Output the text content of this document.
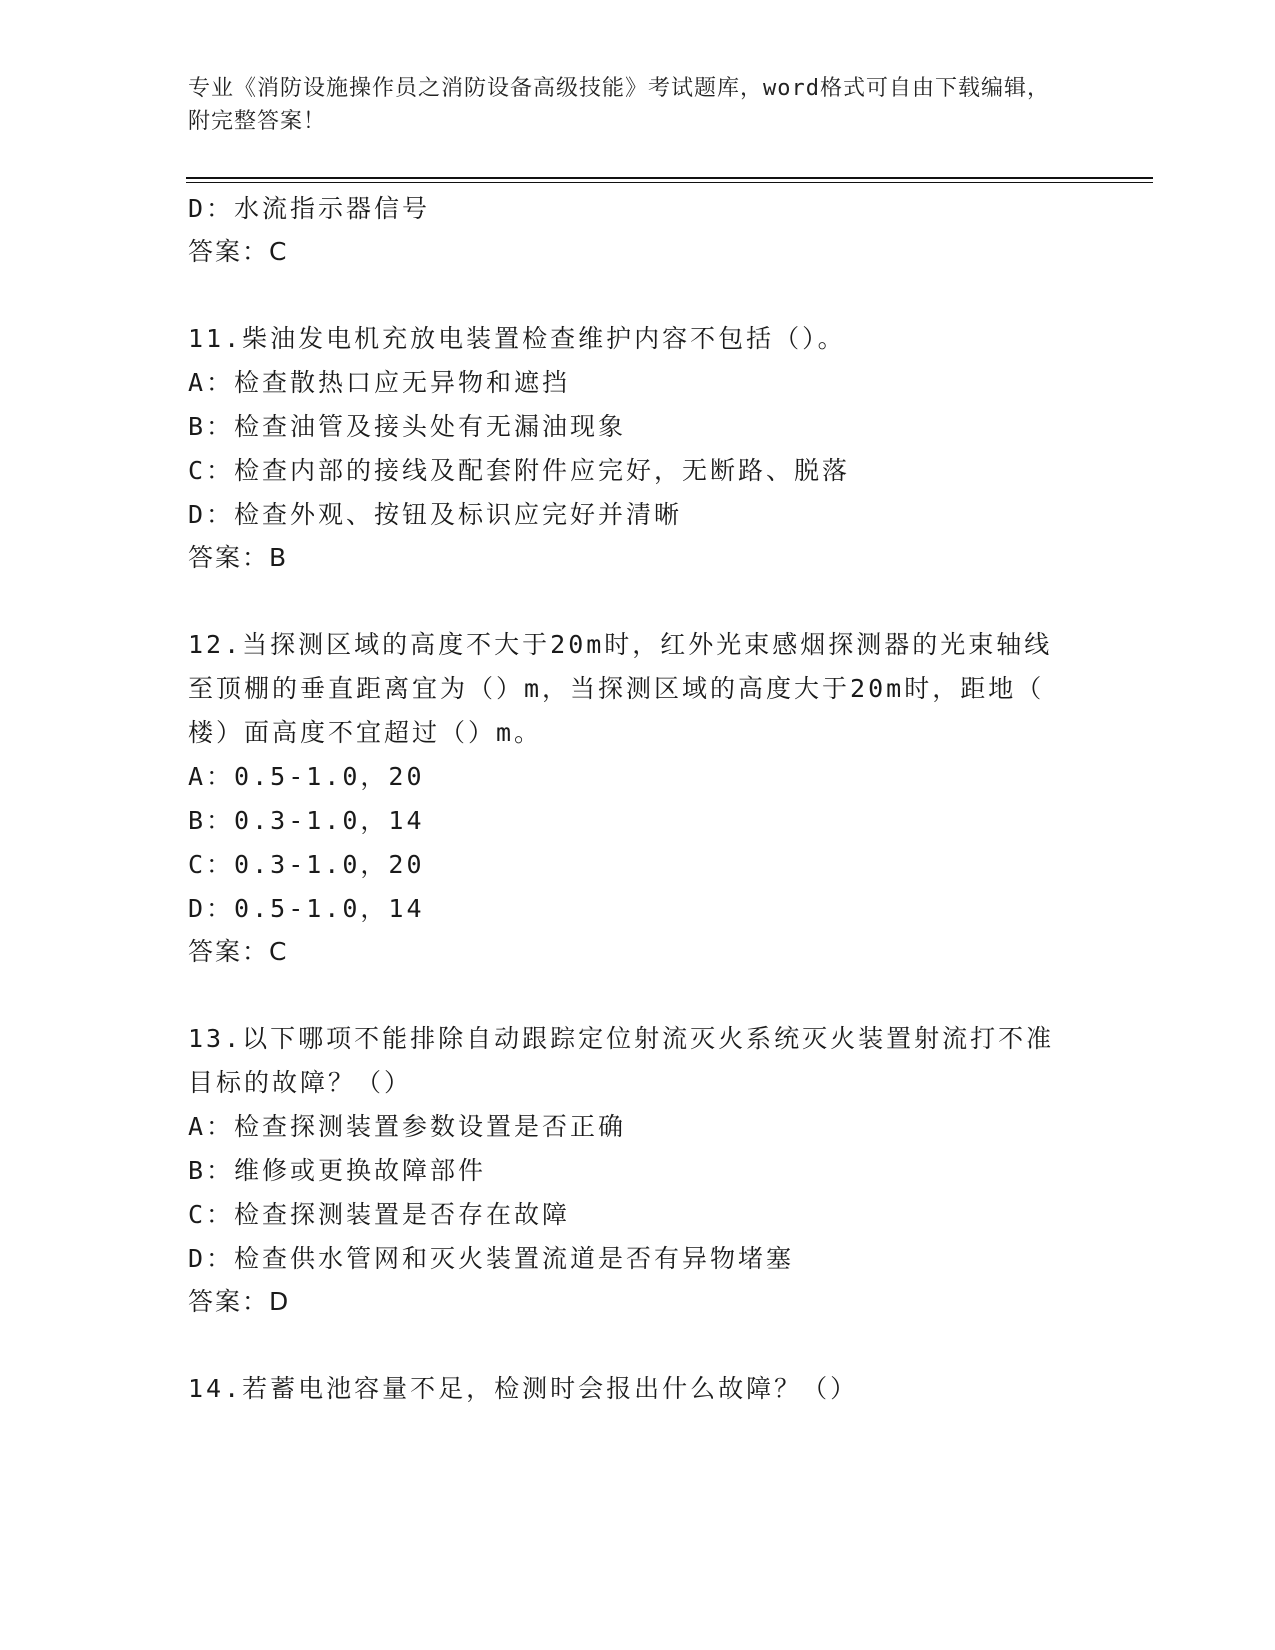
专业《消防设施操作员之消防设备高级技能》考试题库，word格式可自由下载编辑，附完整答案！
D：水流指示器信号
答案：C
11.柴油发电机充放电装置检查维护内容不包括（）。
A：检查散热口应无异物和遮挡
B：检查油管及接头处有无漏油现象
C：检查内部的接线及配套附件应完好，无断路、脱落
D：检查外观、按钮及标识应完好并清晰
答案：B
12.当探测区域的高度不大于20m时，红外光束感烟探测器的光束轴线
至顶棚的垂直距离宜为（）m，当探测区域的高度大于20m时，距地（
楼）面高度不宜超过（）m。
A：0.5-1.0，20
B：0.3-1.0，14
C：0.3-1.0，20
D：0.5-1.0，14
答案：C
13.以下哪项不能排除自动跟踪定位射流灭火系统灭火装置射流打不准
目标的故障？（）
A：检查探测装置参数设置是否正确
B：维修或更换故障部件
C：检查探测装置是否存在故障
D：检查供水管网和灭火装置流道是否有异物堵塞
答案：D
14.若蓄电池容量不足，检测时会报出什么故障？（）
